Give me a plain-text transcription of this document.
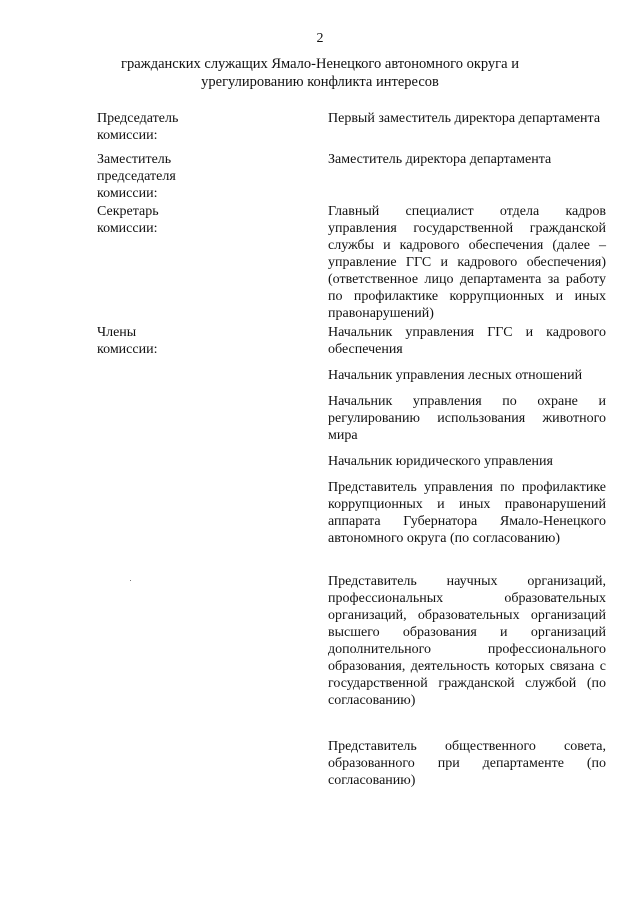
2
гражданских служащих Ямало-Ненецкого автономного округа и
урегулированию конфликта интересов
Председатель
комиссии:
Первый заместитель директора департамента
Заместитель
председателя
комиссии:
Заместитель директора департамента
Секретарь
комиссии:
Главный специалист отдела кадров управления государственной гражданской службы и кадрового обеспечения (далее – управление ГГС и кадрового обеспечения) (ответственное лицо департамента за работу по профилактике коррупционных и иных правонарушений)
Члены
комиссии:
Начальник управления ГГС и кадрового обеспечения
Начальник управления лесных отношений
Начальник управления по охране и регулированию использования животного мира
Начальник юридического управления
Представитель управления по профилактике коррупционных и иных правонарушений аппарата Губернатора Ямало-Ненецкого автономного округа (по согласованию)
Представитель научных организаций, профессиональных образовательных организаций, образовательных организаций высшего образования и организаций дополнительного профессионального образования, деятельность которых связана с государственной гражданской службой (по согласованию)
Представитель общественного совета, образованного при департаменте (по согласованию)
